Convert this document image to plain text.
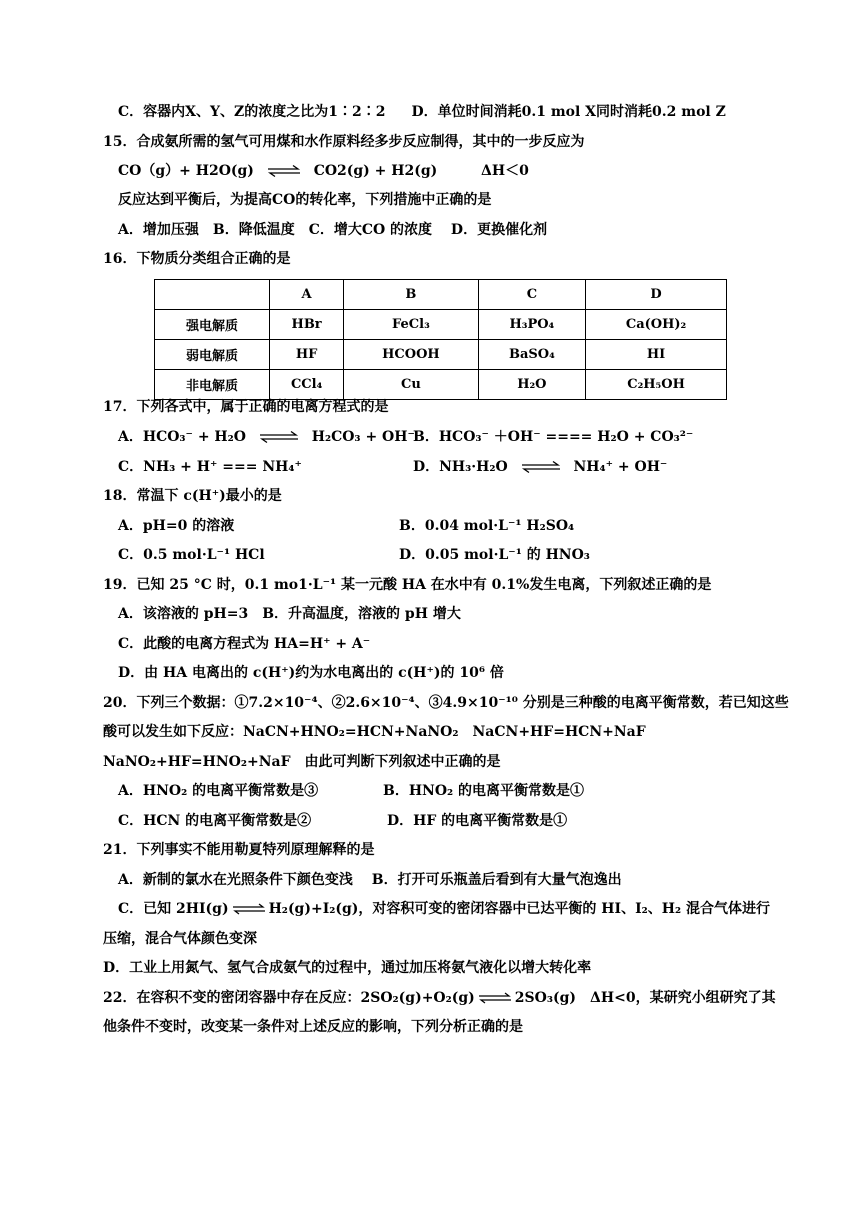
C．容器内X、Y、Z的浓度之比为1∶2∶2 D．单位时间消耗0.1 mol X同时消耗0.2 mol Z
15．合成氨所需的氢气可用煤和水作原料经多步反应制得，其中的一步反应为
CO（g）+ H2O(g) ⇌ CO2(g) + H2(g)	ΔH＜0
反应达到平衡后，为提高CO的转化率，下列措施中正确的是
A．增加压强　B．降低温度　C．增大CO 的浓度　 D．更换催化剂
16．下物质分类组合正确的是
	A	B	C	D
强电解质	HBr	FeCl₃	H₃PO₄	Ca(OH)₂
弱电解质	HF	HCOOH	BaSO₄	HI
非电解质	CCl₄	Cu	H₂O	C₂H₅OH
17．下列各式中，属于正确的电离方程式的是
A．HCO₃⁻ + H₂O ⇌ H₂CO₃ + OH⁻
B．HCO₃⁻ ＋OH⁻ ==== H₂O + CO₃²⁻
C．NH₃ + H⁺ === NH₄⁺	D．NH₃·H₂O ⇌ NH₄⁺ + OH⁻
18．常温下 c(H⁺)最小的是
A．pH=0 的溶液	B．0.04 mol·L⁻¹ H₂SO₄
C．0.5 mol·L⁻¹ HCl	D．0.05 mol·L⁻¹ 的 HNO₃
19．已知 25 °C 时，0.1 mo1·L⁻¹ 某一元酸 HA 在水中有 0.1%发生电离，下列叙述正确的是
A．该溶液的 pH=3　B．升高温度，溶液的 pH 增大
C．此酸的电离方程式为 HA=H⁺ + A⁻
D．由 HA 电离出的 c(H⁺)约为水电离出的 c(H⁺)的 10⁶ 倍
20．下列三个数据：①7.2×10⁻⁴、②2.6×10⁻⁴、③4.9×10⁻¹⁰ 分别是三种酸的电离平衡常数，若已知这些
酸可以发生如下反应：NaCN+HNO₂=HCN+NaNO₂　NaCN+HF=HCN+NaF
NaNO₂+HF=HNO₂+NaF　由此可判断下列叙述中正确的是
A．HNO₂ 的电离平衡常数是③	B．HNO₂ 的电离平衡常数是①
C．HCN 的电离平衡常数是②	D．HF 的电离平衡常数是①
21．下列事实不能用勒夏特列原理解释的是
A．新制的氯水在光照条件下颜色变浅　 B．打开可乐瓶盖后看到有大量气泡逸出
C．已知 2HI(g) ⇌ H₂(g)+I₂(g)，对容积可变的密闭容器中已达平衡的 HI、I₂、H₂ 混合气体进行
压缩，混合气体颜色变深
D．工业上用氮气、氢气合成氨气的过程中，通过加压将氨气液化以增大转化率
22．在容积不变的密闭容器中存在反应：2SO₂(g)+O₂(g) ⇌ 2SO₃(g)　ΔH<0，某研究小组研究了其
他条件不变时，改变某一条件对上述反应的影响，下列分析正确的是
